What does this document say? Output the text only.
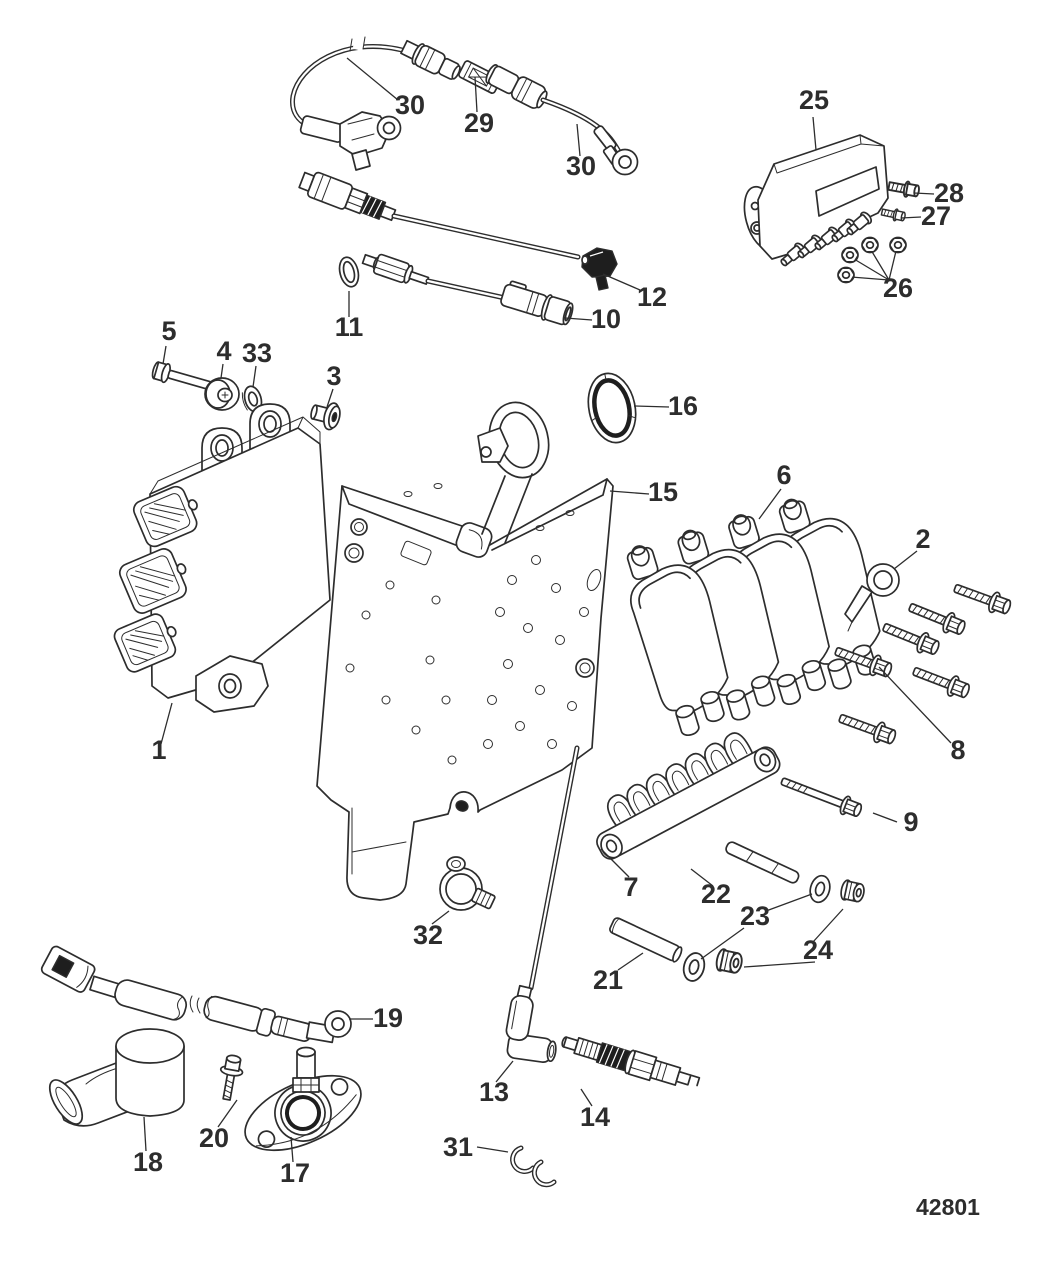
30
29
30
25
28
27
26
12
10
11
5
4 33
3
16
15
6
2
1	8
9
7 22
23
24
21
32
19
13
14
18
20
17
31
42801
